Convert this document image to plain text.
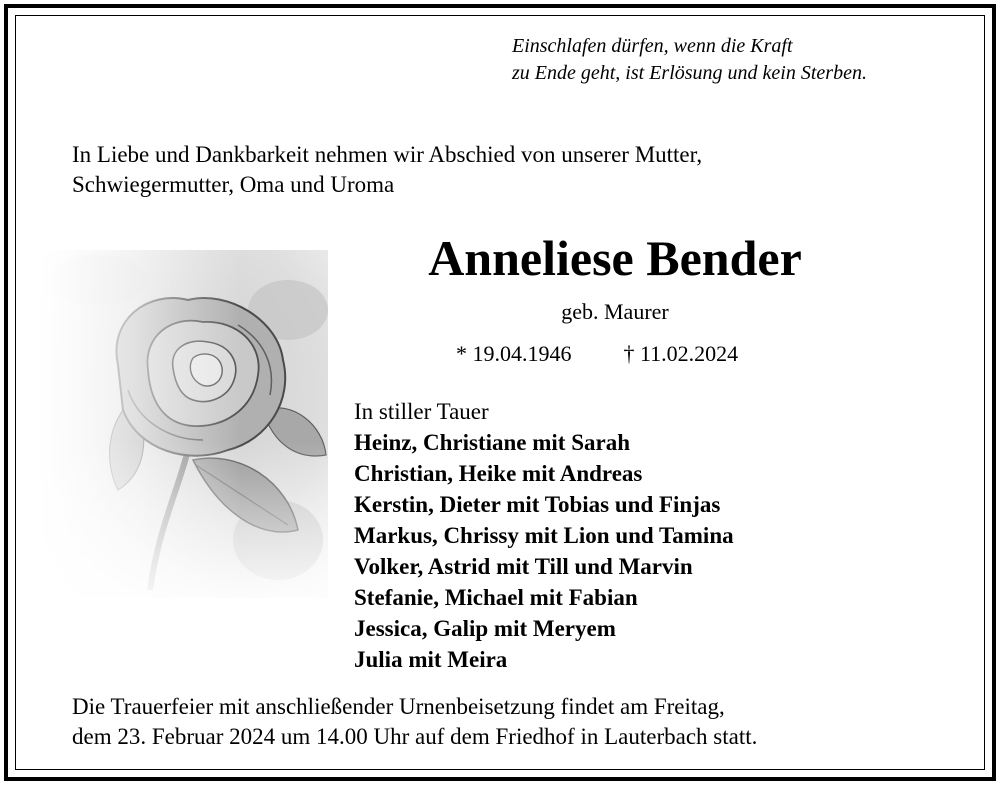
Einschlafen dürfen, wenn die Kraft
zu Ende geht, ist Erlösung und kein Sterben.
In Liebe und Dankbarkeit nehmen wir Abschied von unserer Mutter,
Schwiegermutter, Oma und Uroma
Anneliese Bender
geb. Maurer
* 19.04.1946 † 11.02.2024
In stiller Tauer
Heinz, Christiane mit Sarah
Christian, Heike mit Andreas
Kerstin, Dieter mit Tobias und Finjas
Markus, Chrissy mit Lion und Tamina
Volker, Astrid mit Till und Marvin
Stefanie, Michael mit Fabian
Jessica, Galip mit Meryem
Julia mit Meira
Die Trauerfeier mit anschließender Urnenbeisetzung findet am Freitag,
dem 23. Februar 2024 um 14.00 Uhr auf dem Friedhof in Lauterbach statt.
